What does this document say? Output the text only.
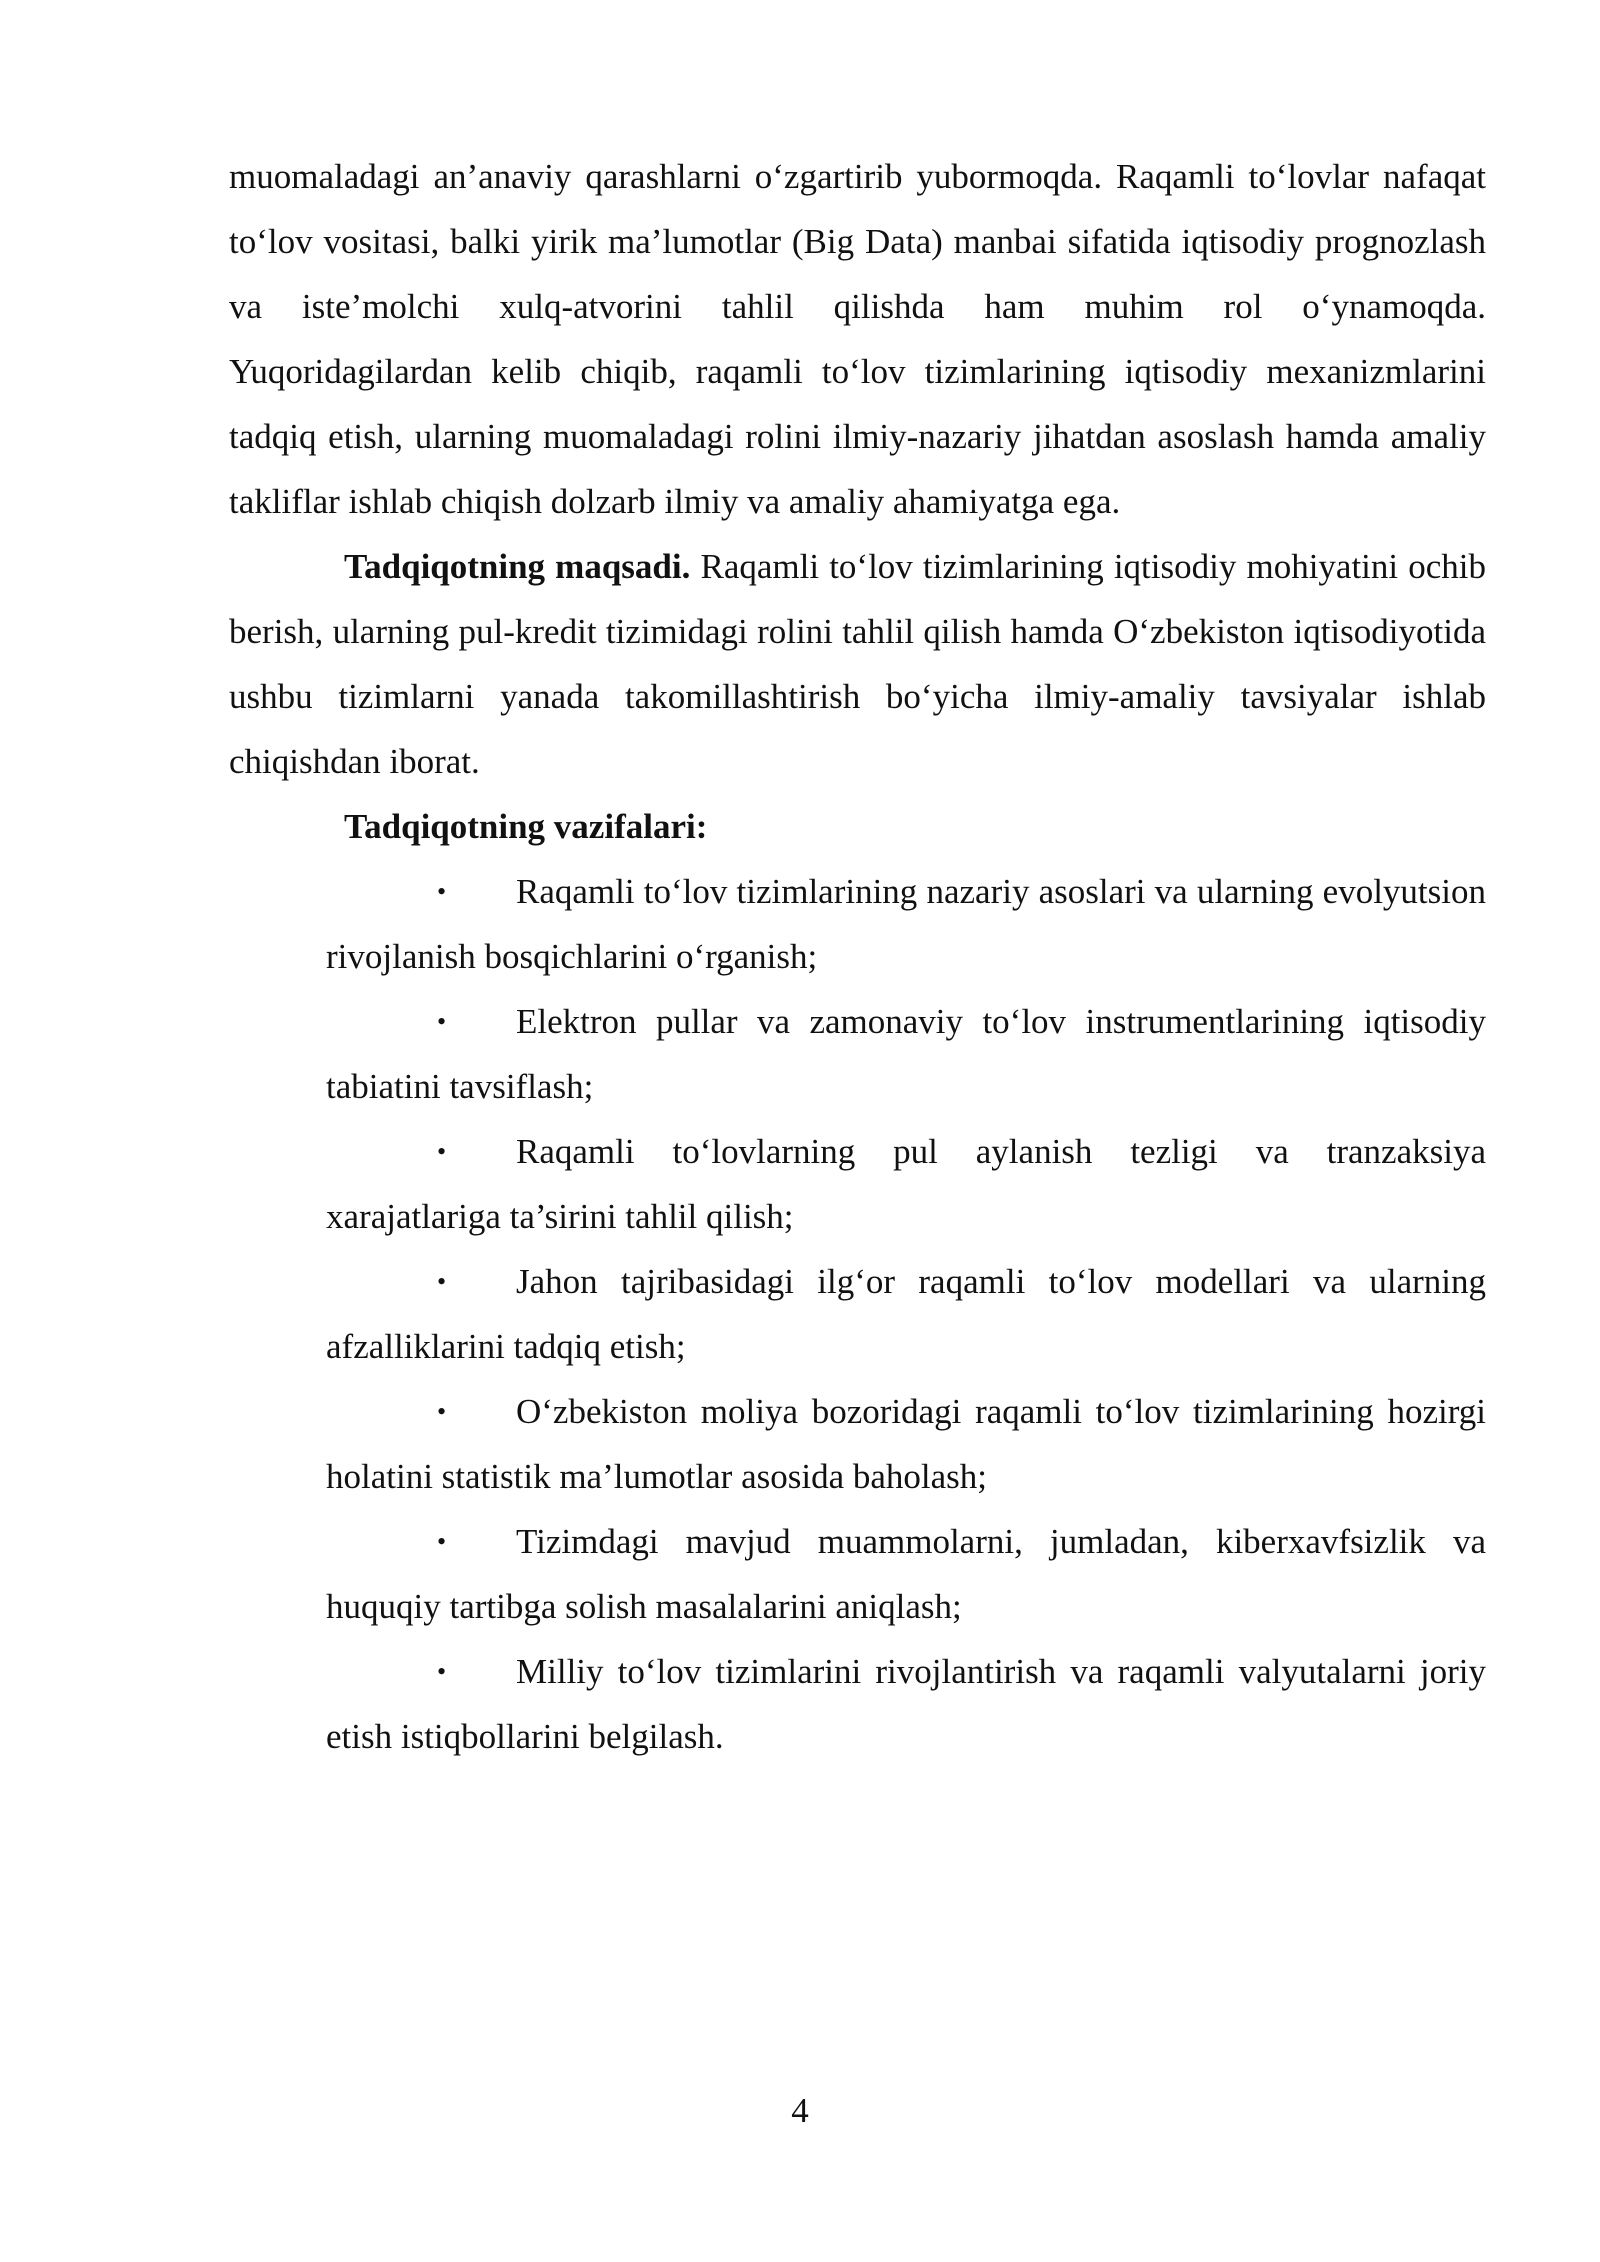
muomaladagi an’anaviy qarashlarni o‘zgartirib yubormoqda. Raqamli to‘lovlar nafaqat to‘lov vositasi, balki yirik ma’lumotlar (Big Data) manbai sifatida iqtisodiy prognozlash va iste’molchi xulq-atvorini tahlil qilishda ham muhim rol o‘ynamoqda. Yuqoridagilardan kelib chiqib, raqamli to‘lov tizimlarining iqtisodiy mexanizmlarini tadqiq etish, ularning muomaladagi rolini ilmiy-nazariy jihatdan asoslash hamda amaliy takliflar ishlab chiqish dolzarb ilmiy va amaliy ahamiyatga ega.

Tadqiqotning maqsadi. Raqamli to‘lov tizimlarining iqtisodiy mohiyatini ochib berish, ularning pul-kredit tizimidagi rolini tahlil qilish hamda O‘zbekiston iqtisodiyotida ushbu tizimlarni yanada takomillashtirish bo‘yicha ilmiy-amaliy tavsiyalar ishlab chiqishdan iborat.

Tadqiqotning vazifalari:

• Raqamli to‘lov tizimlarining nazariy asoslari va ularning evolyutsion rivojlanish bosqichlarini o‘rganish;
• Elektron pullar va zamonaviy to‘lov instrumentlarining iqtisodiy tabiatini tavsiflash;
• Raqamli to‘lovlarning pul aylanish tezligi va tranzaksiya xarajatlariga ta’sirini tahlil qilish;
• Jahon tajribasidagi ilg‘or raqamli to‘lov modellari va ularning afzalliklarini tadqiq etish;
• O‘zbekiston moliya bozoridagi raqamli to‘lov tizimlarining hozirgi holatini statistik ma’lumotlar asosida baholash;
• Tizimdagi mavjud muammolarni, jumladan, kiberxavfsizlik va huquqiy tartibga solish masalalarini aniqlash;
• Milliy to‘lov tizimlarini rivojlantirish va raqamli valyutalarni joriy etish istiqbollarini belgilash.
4
